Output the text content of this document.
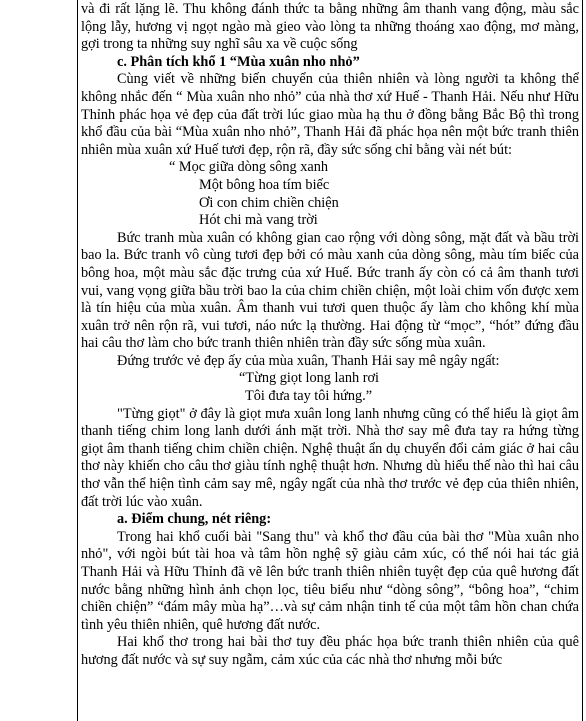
và đi rất lặng lẽ. Thu không đánh thức ta bằng những âm thanh vang động, màu sắc lộng lẫy, hương vị ngọt ngào mà gieo vào lòng ta những thoáng xao động, mơ màng, gợi trong ta những suy nghĩ sâu xa về cuộc sống

c. Phân tích khổ 1 “Mùa xuân nho nhỏ”

Cùng viết về những biến chuyển của thiên nhiên và lòng người ta không thể không nhắc đến “ Mùa xuân nho nhỏ” của nhà thơ xứ Huế - Thanh Hải. Nếu như Hữu Thỉnh phác họa vẻ đẹp của đất trời lúc giao mùa hạ thu ở đồng bằng Bắc Bộ thì trong khổ đầu của bài “Mùa xuân nho nhỏ”, Thanh Hải đã phác họa nên một bức tranh thiên nhiên mùa xuân xứ Huế tươi đẹp, rộn rã, đầy sức sống chỉ bằng vài nét bút:

“ Mọc giữa dòng sông xanh
Một bông hoa tím biếc
Ơi con chim chiền chiện
Hót chi mà vang trời

Bức tranh mùa xuân có không gian cao rộng với dòng sông, mặt đất và bầu trời bao la. Bức tranh vô cùng tươi đẹp bởi có màu xanh của dòng sông, màu tím biếc của bông hoa, một màu sắc đặc trưng của xứ Huế. Bức tranh ấy còn có cả âm thanh tươi vui, vang vọng giữa bầu trời bao la của chim chiền chiện, một loài chim vốn được xem là tín hiệu của mùa xuân. Âm thanh vui tươi quen thuộc ấy làm cho không khí mùa xuân trở nên rộn rã, vui tươi, náo nức lạ thường. Hai động từ “mọc”, “hót” đứng đầu hai câu thơ làm cho bức tranh thiên nhiên tràn đầy sức sống mùa xuân.

Đứng trước vẻ đẹp ấy của mùa xuân, Thanh Hải say mê ngây ngất:

“Từng giọt long lanh rơi
Tôi đưa tay tôi hứng.”

"Từng giọt" ở đây là giọt mưa xuân long lanh nhưng cũng có thể hiểu là giọt âm thanh tiếng chim long lanh dưới ánh mặt trời. Nhà thơ say mê đưa tay ra hứng từng giọt âm thanh tiếng chim chiền chiện. Nghệ thuật ẩn dụ chuyển đổi cảm giác ở hai câu thơ này khiến cho câu thơ giàu tính nghệ thuật hơn. Nhưng dù hiểu thế nào thì hai câu thơ vẫn thể hiện tình cảm say mê, ngây ngất của nhà thơ trước vẻ đẹp của thiên nhiên, đất trời lúc vào xuân.

a. Điểm chung, nét riêng:

Trong hai khổ cuối bài "Sang thu" và khổ thơ đầu của bài thơ "Mùa xuân nho nhỏ", với ngòi bút tài hoa và tâm hồn nghệ sỹ giàu cảm xúc, có thể nói hai tác giả Thanh Hải và Hữu Thỉnh đã vẽ lên bức tranh thiên nhiên tuyệt đẹp của quê hương đất nước bằng những hình ảnh chọn lọc, tiêu biểu như “dòng sông”, “bông hoa”, “chim chiền chiện” “đám mây mùa hạ”…và sự cảm nhận tinh tế của một tâm hồn chan chứa tình yêu thiên nhiên, quê hương đất nước.

Hai khổ thơ trong hai bài thơ tuy đều phác họa bức tranh thiên nhiên của quê hương đất nước và sự suy ngẫm, cảm xúc của các nhà thơ nhưng mỗi bức
